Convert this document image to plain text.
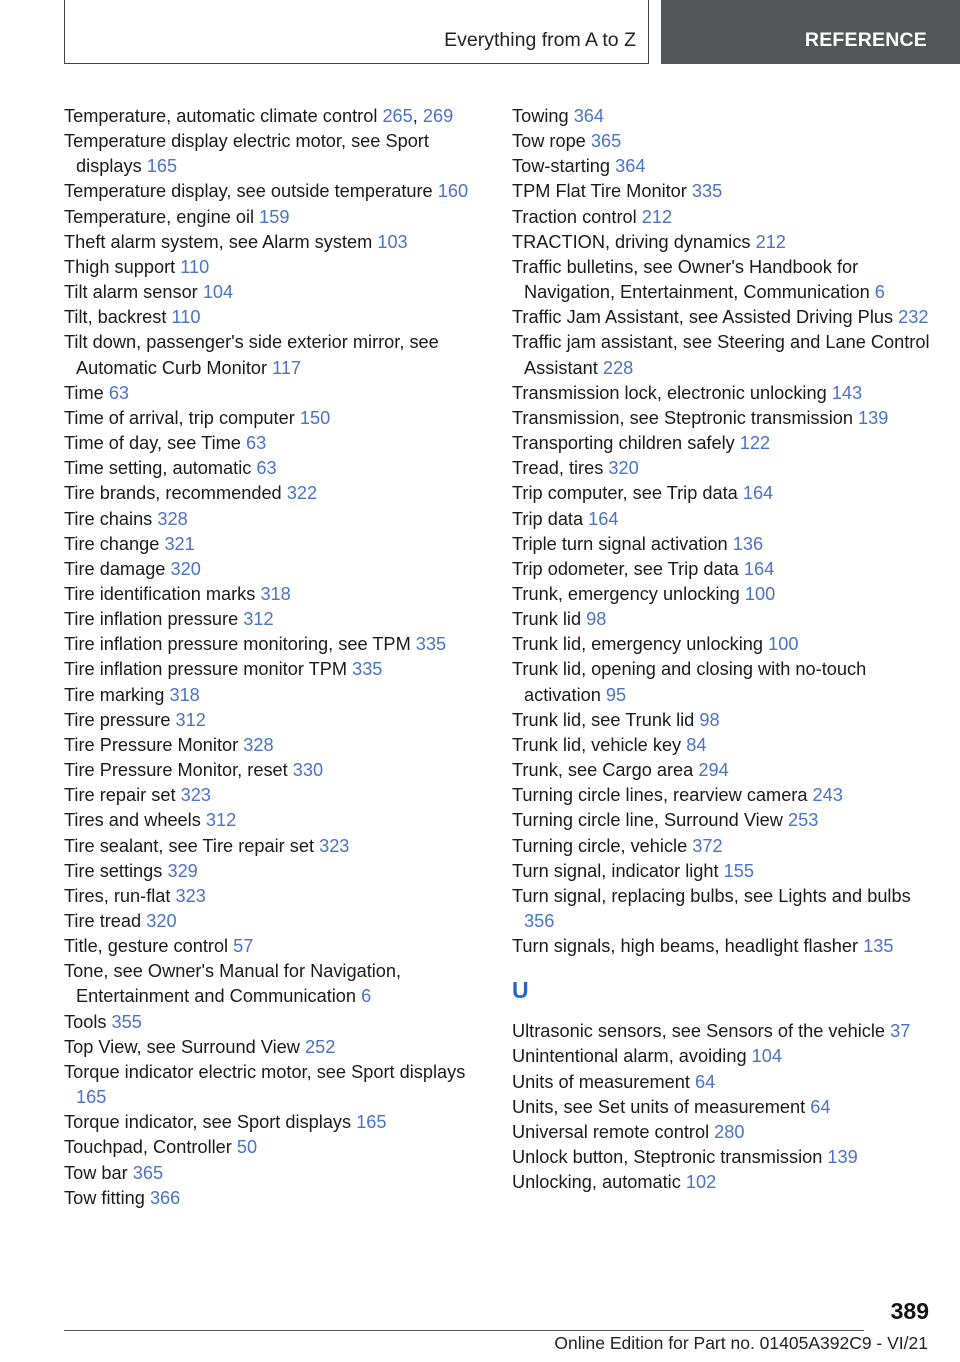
Everything from A to Z	REFERENCE
Temperature, automatic climate control 265, 269
Temperature display electric motor, see Sport displays 165
Temperature display, see outside temperature 160
Temperature, engine oil 159
Theft alarm system, see Alarm system 103
Thigh support 110
Tilt alarm sensor 104
Tilt, backrest 110
Tilt down, passenger's side exterior mirror, see Automatic Curb Monitor 117
Time 63
Time of arrival, trip computer 150
Time of day, see Time 63
Time setting, automatic 63
Tire brands, recommended 322
Tire chains 328
Tire change 321
Tire damage 320
Tire identification marks 318
Tire inflation pressure 312
Tire inflation pressure monitoring, see TPM 335
Tire inflation pressure monitor TPM 335
Tire marking 318
Tire pressure 312
Tire Pressure Monitor 328
Tire Pressure Monitor, reset 330
Tire repair set 323
Tires and wheels 312
Tire sealant, see Tire repair set 323
Tire settings 329
Tires, run-flat 323
Tire tread 320
Title, gesture control 57
Tone, see Owner's Manual for Navigation, Entertainment and Communication 6
Tools 355
Top View, see Surround View 252
Torque indicator electric motor, see Sport displays 165
Torque indicator, see Sport displays 165
Touchpad, Controller 50
Tow bar 365
Tow fitting 366
Towing 364
Tow rope 365
Tow-starting 364
TPM Flat Tire Monitor 335
Traction control 212
TRACTION, driving dynamics 212
Traffic bulletins, see Owner's Handbook for Navigation, Entertainment, Communication 6
Traffic Jam Assistant, see Assisted Driving Plus 232
Traffic jam assistant, see Steering and Lane Control Assistant 228
Transmission lock, electronic unlocking 143
Transmission, see Steptronic transmission 139
Transporting children safely 122
Tread, tires 320
Trip computer, see Trip data 164
Trip data 164
Triple turn signal activation 136
Trip odometer, see Trip data 164
Trunk, emergency unlocking 100
Trunk lid 98
Trunk lid, emergency unlocking 100
Trunk lid, opening and closing with no-touch activation 95
Trunk lid, see Trunk lid 98
Trunk lid, vehicle key 84
Trunk, see Cargo area 294
Turning circle lines, rearview camera 243
Turning circle line, Surround View 253
Turning circle, vehicle 372
Turn signal, indicator light 155
Turn signal, replacing bulbs, see Lights and bulbs 356
Turn signals, high beams, headlight flasher 135
U
Ultrasonic sensors, see Sensors of the vehicle 37
Unintentional alarm, avoiding 104
Units of measurement 64
Units, see Set units of measurement 64
Universal remote control 280
Unlock button, Steptronic transmission 139
Unlocking, automatic 102
389
Online Edition for Part no. 01405A392C9 - VI/21
